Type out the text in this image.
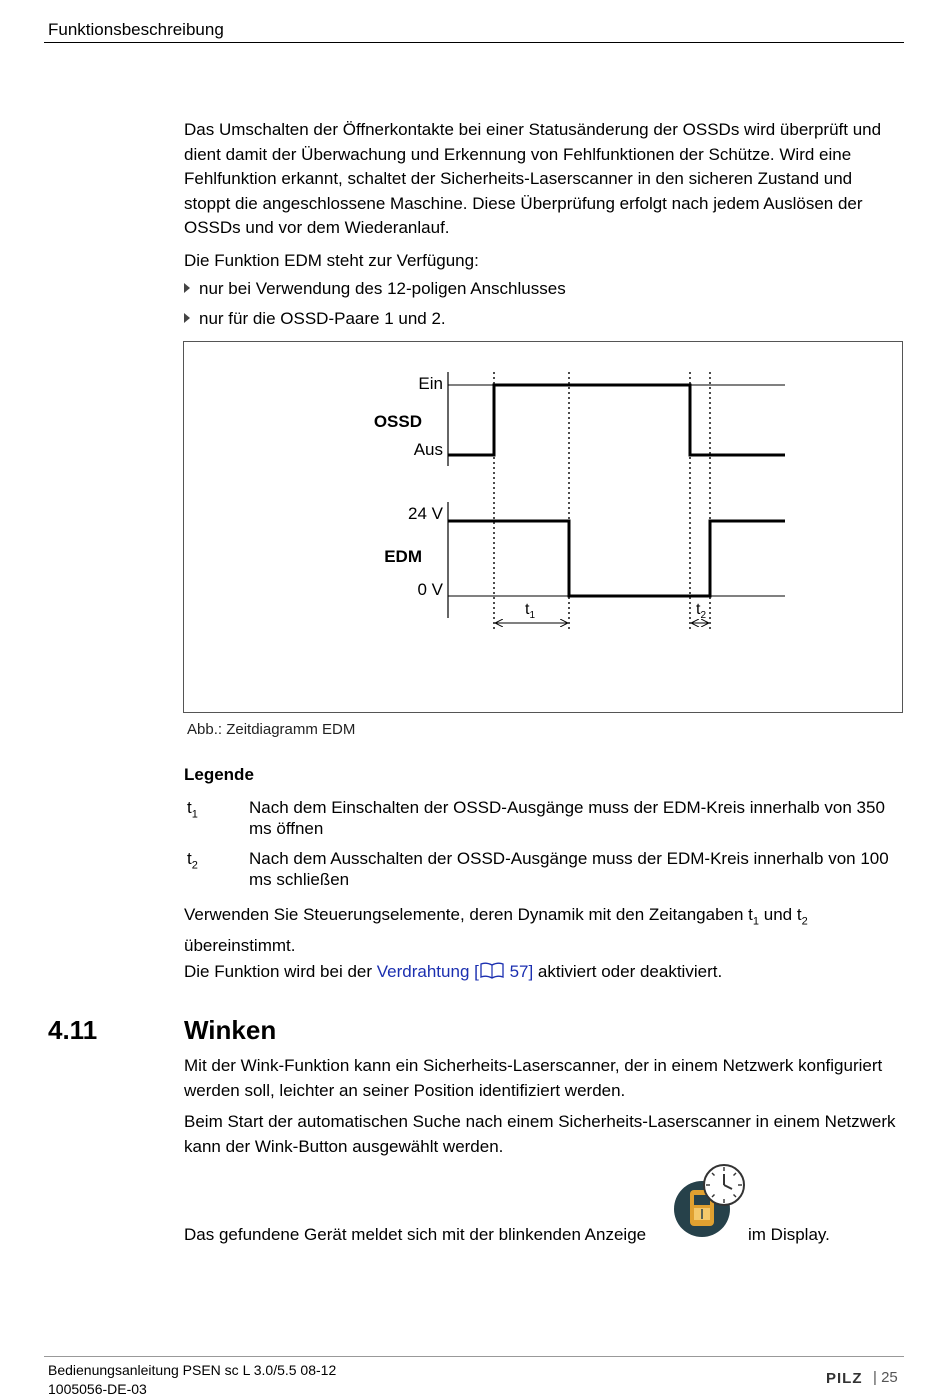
Funktionsbeschreibung
Das Umschalten der Öffnerkontakte bei einer Statusänderung der OSSDs wird überprüft und dient damit der Überwachung und Erkennung von Fehlfunktionen der Schütze. Wird eine Fehlfunktion erkannt, schaltet der Sicherheits-Laserscanner in den sicheren Zustand und stoppt die angeschlossene Maschine. Diese Überprüfung erfolgt nach jedem Auslösen der OSSDs und vor dem Wiederanlauf.
Die Funktion EDM steht zur Verfügung:
nur bei Verwendung des 12-poligen Anschlusses
nur für die OSSD-Paare 1 und 2.
Ein
OSSD
Aus
24 V
EDM
0 V
$t_1$	$t_2$
Abb.: Zeitdiagramm EDM
Legende
$t_1$	Nach dem Einschalten der OSSD-Ausgänge muss der EDM-Kreis innerhalb von 350 ms öffnen
$t_2$	Nach dem Ausschalten der OSSD-Ausgänge muss der EDM-Kreis innerhalb von 100 ms schließen
Verwenden Sie Steuerungselemente, deren Dynamik mit den Zeitangaben $t_1$ und $t_2$ übereinstimmt.
Die Funktion wird bei der Verdrahtung [ 57] aktiviert oder deaktiviert.
4.11	Winken
Mit der Wink-Funktion kann ein Sicherheits-Laserscanner, der in einem Netzwerk konfiguriert werden soll, leichter an seiner Position identifiziert werden.
Beim Start der automatischen Suche nach einem Sicherheits-Laserscanner in einem Netzwerk kann der Wink-Button ausgewählt werden.
Das gefundene Gerät meldet sich mit der blinkenden Anzeige	im Display.
Bedienungsanleitung PSEN sc L 3.0/5.5 08-12
1005056-DE-03
PILZ | 25
